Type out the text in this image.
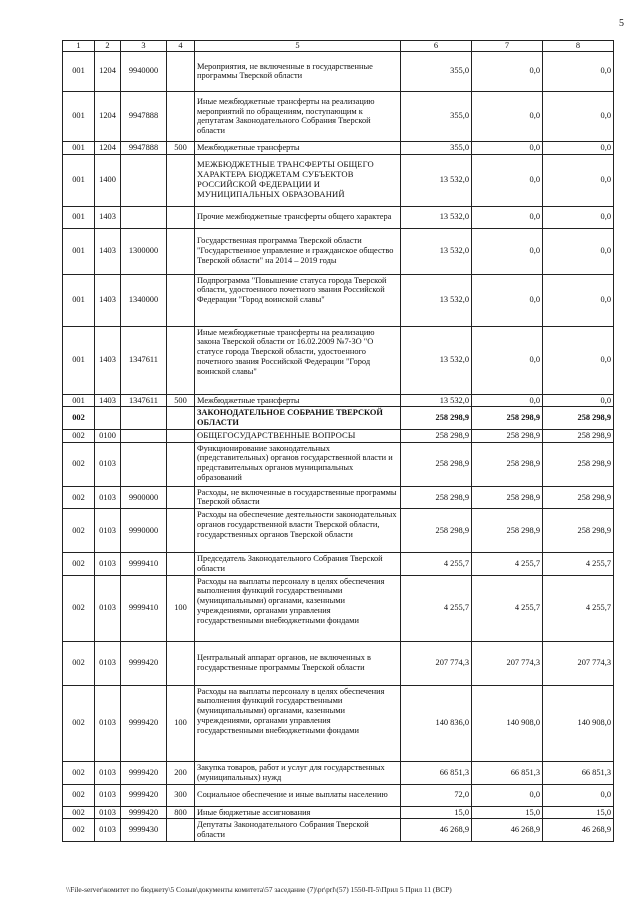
5
1	2	3	4	5	6	7	8
001	1204	9940000		Мероприятия, не включенные в государственные программы Тверской области	355,0	0,0	0,0
001	1204	9947888		Иные межбюджетные трансферты на реализацию мероприятий по обращениям, поступающим к депутатам Законодательного Собрания Тверской области	355,0	0,0	0,0
001	1204	9947888	500	Межбюджетные трансферты	355,0	0,0	0,0
001	1400			МЕЖБЮДЖЕТНЫЕ ТРАНСФЕРТЫ ОБЩЕГО ХАРАКТЕРА БЮДЖЕТАМ СУБЪЕКТОВ РОССИЙСКОЙ ФЕДЕРАЦИИ И МУНИЦИПАЛЬНЫХ ОБРАЗОВАНИЙ	13 532,0	0,0	0,0
001	1403			Прочие межбюджетные трансферты общего характера	13 532,0	0,0	0,0
001	1403	1300000		Государственная программа Тверской области "Государственное управление и гражданское общество Тверской области" на 2014 – 2019 годы	13 532,0	0,0	0,0
001	1403	1340000		Подпрограмма "Повышение статуса города Тверской области, удостоенного почетного звания Российской Федерации "Город воинской славы"	13 532,0	0,0	0,0
001	1403	1347611		Иные межбюджетные трансферты на реализацию закона Тверской области от 16.02.2009 №7-ЗО "О статусе города Тверской области, удостоенного почетного звания Российской Федерации "Город воинской славы"	13 532,0	0,0	0,0
001	1403	1347611	500	Межбюджетные трансферты	13 532,0	0,0	0,0
002				ЗАКОНОДАТЕЛЬНОЕ СОБРАНИЕ ТВЕРСКОЙ ОБЛАСТИ	258 298,9	258 298,9	258 298,9
002	0100			ОБЩЕГОСУДАРСТВЕННЫЕ ВОПРОСЫ	258 298,9	258 298,9	258 298,9
002	0103			Функционирование законодательных (представительных) органов государственной власти и представительных органов муниципальных образований	258 298,9	258 298,9	258 298,9
002	0103	9900000		Расходы, не включенные в государственные программы Тверской области	258 298,9	258 298,9	258 298,9
002	0103	9990000		Расходы на обеспечение деятельности законодательных органов государственной власти Тверской области, государственных органов Тверской области	258 298,9	258 298,9	258 298,9
002	0103	9999410		Председатель Законодательного Собрания Тверской области	4 255,7	4 255,7	4 255,7
002	0103	9999410	100	Расходы на выплаты персоналу в целях обеспечения выполнения функций государственными (муниципальными) органами, казенными учреждениями, органами управления государственными внебюджетными фондами	4 255,7	4 255,7	4 255,7
002	0103	9999420		Центральный аппарат органов, не включенных в государственные программы Тверской области	207 774,3	207 774,3	207 774,3
002	0103	9999420	100	Расходы на выплаты персоналу в целях обеспечения выполнения функций государственными (муниципальными) органами, казенными учреждениями, органами управления государственными внебюджетными фондами	140 836,0	140 908,0	140 908,0
002	0103	9999420	200	Закупка товаров, работ и услуг для государственных (муниципальных) нужд	66 851,3	66 851,3	66 851,3
002	0103	9999420	300	Социальное обеспечение и иные выплаты населению	72,0	0,0	0,0
002	0103	9999420	800	Иные бюджетные ассигнования	15,0	15,0	15,0
002	0103	9999430		Депутаты Законодательного Собрания Тверской области	46 268,9	46 268,9	46 268,9
\\File-server\комитет по бюджету\5 Созыв\документы комитета\57 заседание (7)\pr\prl\(57) 1550-П-5\Прил 5 Прил 11 (ВСР)
